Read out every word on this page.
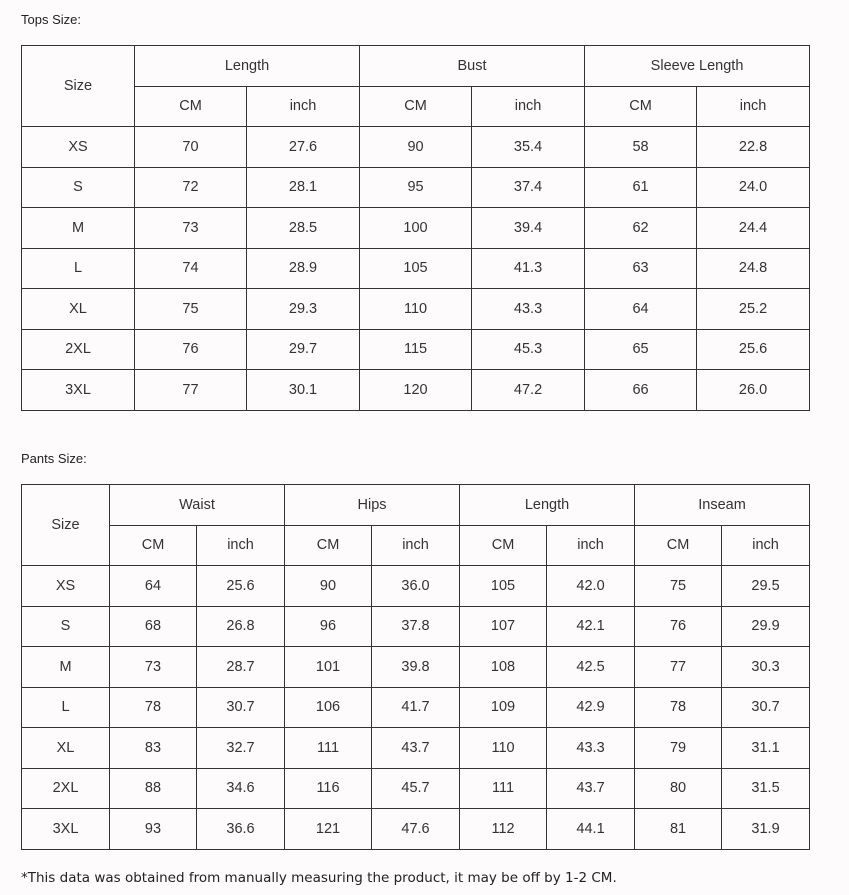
Tops Size:
Size	Length		Bust		Sleeve Length	
	CM	inch	CM	inch	CM	inch
XS	70	27.6	90	35.4	58	22.8
S	72	28.1	95	37.4	61	24.0
M	73	28.5	100	39.4	62	24.4
L	74	28.9	105	41.3	63	24.8
XL	75	29.3	110	43.3	64	25.2
2XL	76	29.7	115	45.3	65	25.6
3XL	77	30.1	120	47.2	66	26.0
Pants Size:
Size	Waist		Hips		Length		Inseam	
	CM	inch	CM	inch	CM	inch	CM	inch
XS	64	25.6	90	36.0	105	42.0	75	29.5
S	68	26.8	96	37.8	107	42.1	76	29.9
M	73	28.7	101	39.8	108	42.5	77	30.3
L	78	30.7	106	41.7	109	42.9	78	30.7
XL	83	32.7	111	43.7	110	43.3	79	31.1
2XL	88	34.6	116	45.7	111	43.7	80	31.5
3XL	93	36.6	121	47.6	112	44.1	81	31.9
*This data was obtained from manually measuring the product, it may be off by 1-2 CM.
